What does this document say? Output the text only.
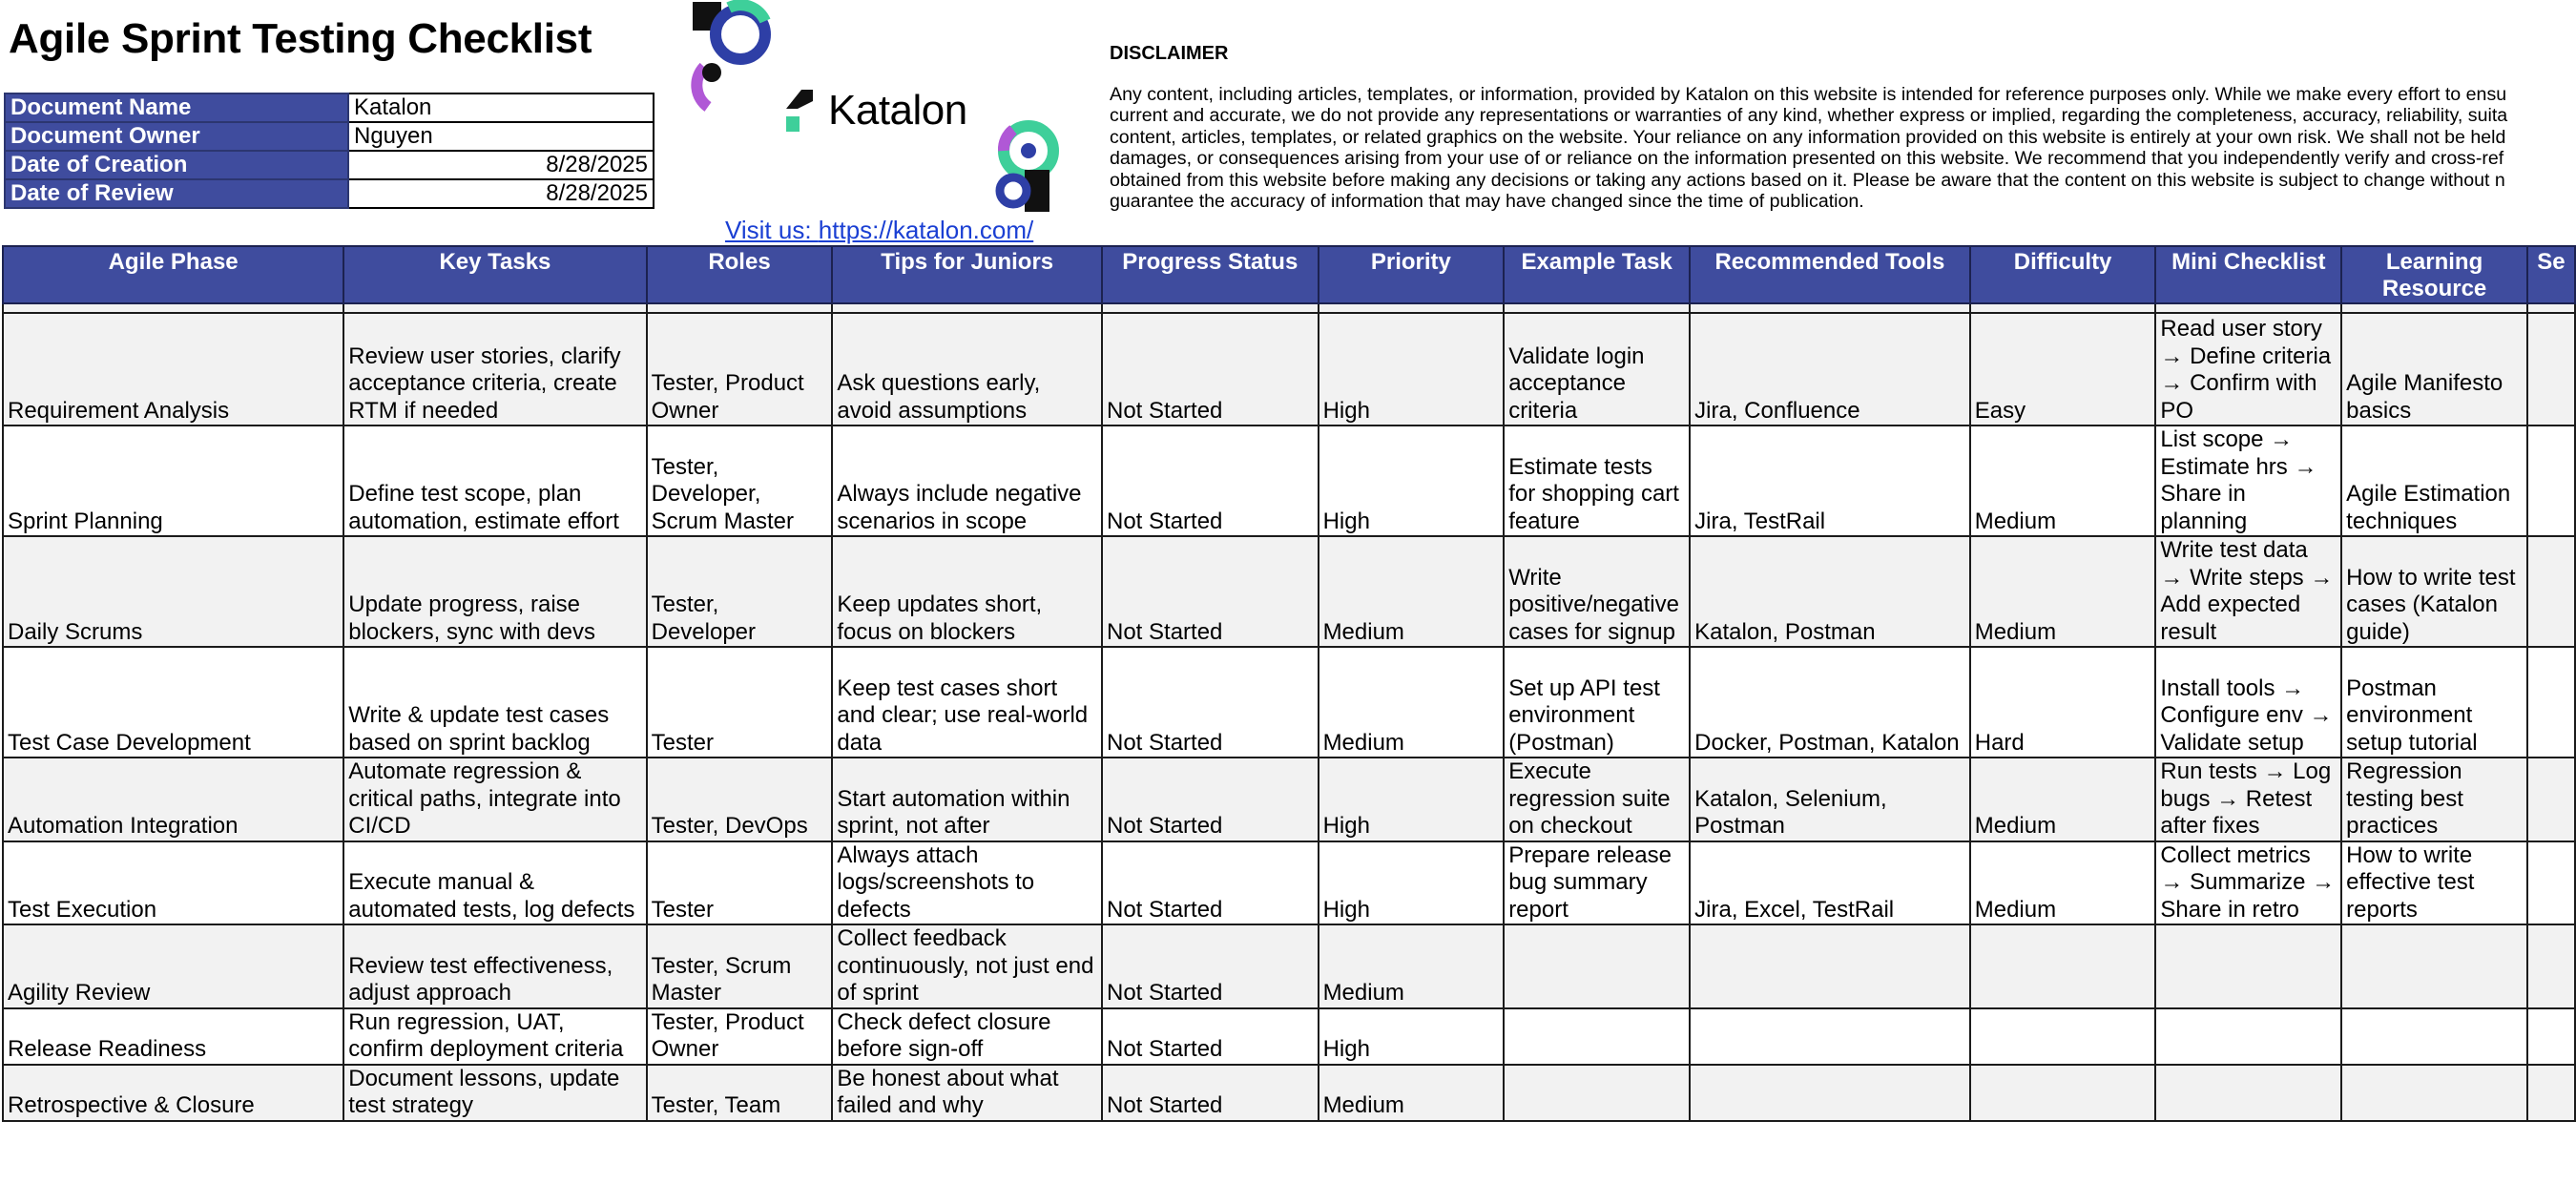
Agile Sprint Testing Checklist
Document Name	Katalon
Document Owner	Nguyen
Date of Creation	8/28/2025
Date of Review	8/28/2025
Katalon
Visit us: https://katalon.com/
DISCLAIMER
Any content, including articles, templates, or information, provided by Katalon on this website is intended for reference purposes only. While we make every effort to ensu
current and accurate, we do not provide any representations or warranties of any kind, whether express or implied, regarding the completeness, accuracy, reliability, suita
content, articles, templates, or related graphics on the website. Your reliance on any information provided on this website is entirely at your own risk. We shall not be held
damages, or consequences arising from your use of or reliance on the information presented on this website. We recommend that you independently verify and cross-ref
obtained from this website before making any decisions or taking any actions based on it. Please be aware that the content on this website is subject to change without n
guarantee the accuracy of information that may have changed since the time of publication.
Agile Phase	Key Tasks	Roles	Tips for Juniors	Progress Status	Priority	Example Task	Recommended Tools	Difficulty	Mini Checklist	Learning Resource	Se

Requirement Analysis	Review user stories, clarify acceptance criteria, create RTM if needed	Tester, Product Owner	Ask questions early, avoid assumptions	Not Started	High	Validate login acceptance criteria	Jira, Confluence	Easy	Read user story → Define criteria → Confirm with PO	Agile Manifesto basics	
Sprint Planning	Define test scope, plan automation, estimate effort	Tester, Developer, Scrum Master	Always include negative scenarios in scope	Not Started	High	Estimate tests for shopping cart feature	Jira, TestRail	Medium	List scope → Estimate hrs → Share in planning	Agile Estimation techniques	
Daily Scrums	Update progress, raise blockers, sync with devs	Tester, Developer	Keep updates short, focus on blockers	Not Started	Medium	Write positive/negative cases for signup	Katalon, Postman	Medium	Write test data → Write steps → Add expected result	How to write test cases (Katalon guide)	
Test Case Development	Write & update test cases based on sprint backlog	Tester	Keep test cases short and clear; use real-world data	Not Started	Medium	Set up API test environment (Postman)	Docker, Postman, Katalon	Hard	Install tools → Configure env → Validate setup	Postman environment setup tutorial	
Automation Integration	Automate regression & critical paths, integrate into CI/CD	Tester, DevOps	Start automation within sprint, not after	Not Started	High	Execute regression suite on checkout	Katalon, Selenium, Postman	Medium	Run tests → Log bugs → Retest after fixes	Regression testing best practices	
Test Execution	Execute manual & automated tests, log defects	Tester	Always attach logs/screenshots to defects	Not Started	High	Prepare release bug summary report	Jira, Excel, TestRail	Medium	Collect metrics → Summarize → Share in retro	How to write effective test reports	
Agility Review	Review test effectiveness, adjust approach	Tester, Scrum Master	Collect feedback continuously, not just end of sprint	Not Started	Medium						
Release Readiness	Run regression, UAT, confirm deployment criteria	Tester, Product Owner	Check defect closure before sign-off	Not Started	High						
Retrospective & Closure	Document lessons, update test strategy	Tester, Team	Be honest about what failed and why	Not Started	Medium						
